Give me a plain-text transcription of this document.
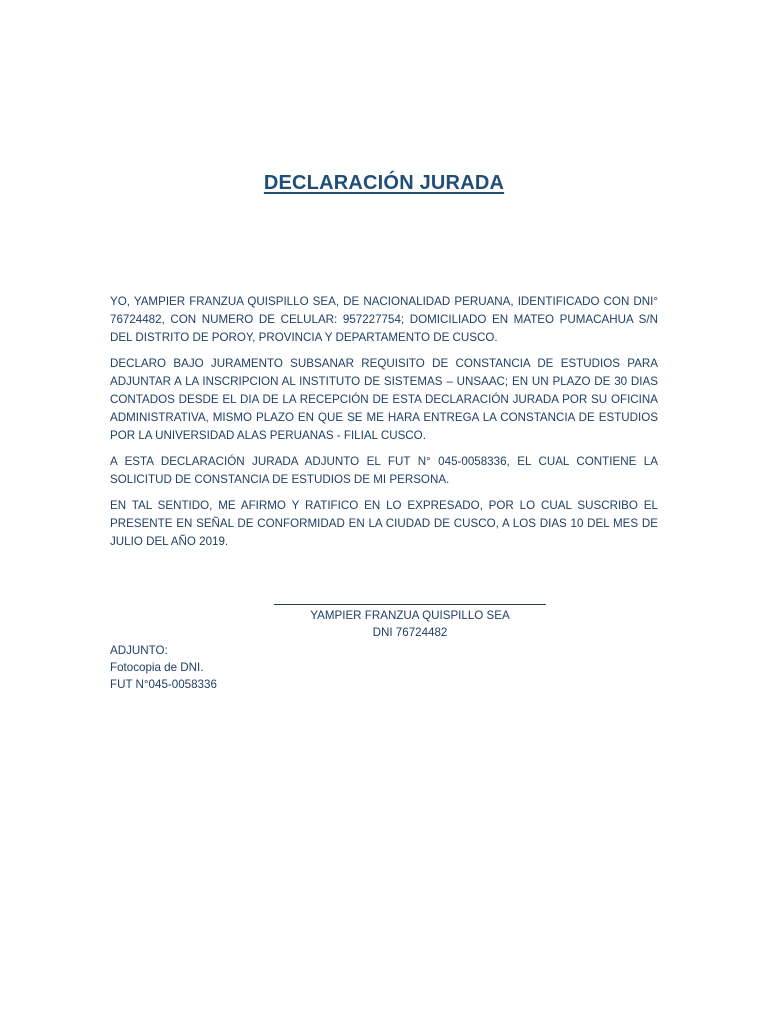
DECLARACIÓN JURADA

YO, YAMPIER FRANZUA QUISPILLO SEA, DE NACIONALIDAD PERUANA, IDENTIFICADO CON DNI° 76724482, CON NUMERO DE CELULAR: 957227754; DOMICILIADO EN MATEO PUMACAHUA S/N DEL DISTRITO DE POROY, PROVINCIA Y DEPARTAMENTO DE CUSCO.

DECLARO BAJO JURAMENTO SUBSANAR REQUISITO DE CONSTANCIA DE ESTUDIOS PARA ADJUNTAR A LA INSCRIPCION AL INSTITUTO DE SISTEMAS – UNSAAC; EN UN PLAZO DE 30 DIAS CONTADOS DESDE EL DIA DE LA RECEPCIÓN DE ESTA DECLARACIÓN JURADA POR SU OFICINA ADMINISTRATIVA, MISMO PLAZO EN QUE SE ME HARA ENTREGA LA CONSTANCIA DE ESTUDIOS POR LA UNIVERSIDAD ALAS PERUANAS - FILIAL CUSCO.

A ESTA DECLARACIÓN JURADA ADJUNTO EL FUT N° 045-0058336, EL CUAL CONTIENE LA SOLICITUD DE CONSTANCIA DE ESTUDIOS DE MI PERSONA.

EN TAL SENTIDO, ME AFIRMO Y RATIFICO EN LO EXPRESADO, POR LO CUAL SUSCRIBO EL PRESENTE EN SEÑAL DE CONFORMIDAD EN LA CIUDAD DE CUSCO, A LOS DIAS 10 DEL MES DE JULIO DEL AÑO 2019.

YAMPIER FRANZUA QUISPILLO SEA
DNI 76724482
ADJUNTO:
Fotocopia de DNI.
FUT N°045-0058336
